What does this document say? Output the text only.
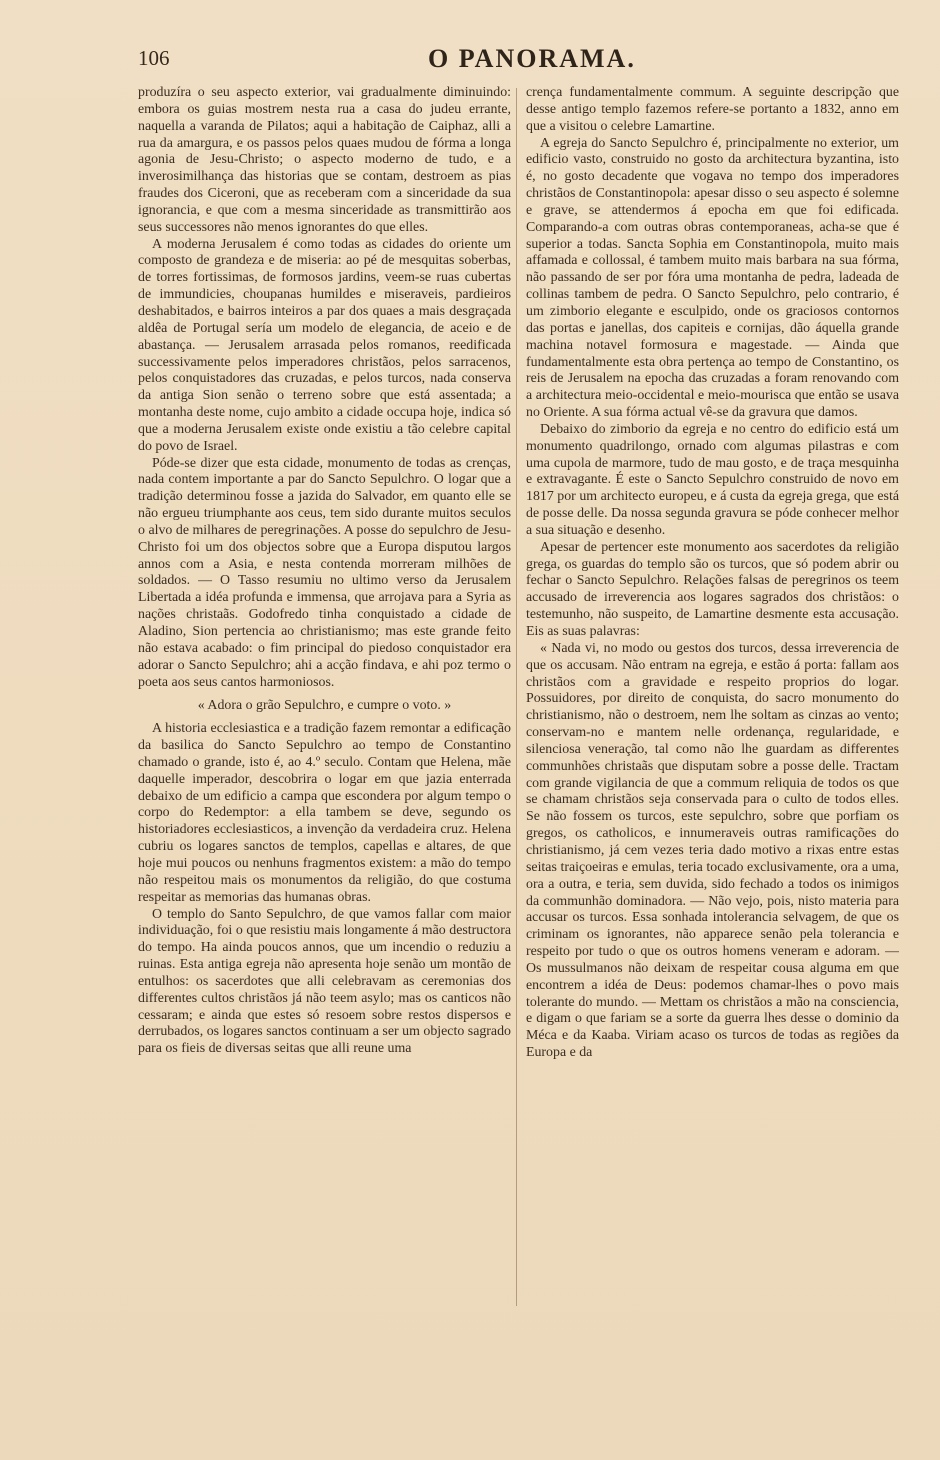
106	O PANORAMA.

produzíra o seu aspecto exterior, vai gradualmente diminuindo: embora os guias mostrem nesta rua a casa do judeu errante, naquella a varanda de Pilatos; aqui a habitação de Caiphaz, alli a rua da amargura, e os passos pelos quaes mudou de fórma a longa agonia de Jesu-Christo; o aspecto moderno de tudo, e a inverosimilhança das historias que se contam, destroem as pias fraudes dos Ciceroni, que as receberam com a sinceridade da sua ignorancia, e que com a mesma sinceridade as transmittirão aos seus successores não menos ignorantes do que elles.

A moderna Jerusalem é como todas as cidades do oriente um composto de grandeza e de miseria: ao pé de mesquitas soberbas, de torres fortissimas, de formosos jardins, veem-se ruas cubertas de immundicies, choupanas humildes e miseraveis, pardieiros deshabitados, e bairros inteiros a par dos quaes a mais desgraçada aldêa de Portugal sería um modelo de elegancia, de aceio e de abastança. — Jerusalem arrasada pelos romanos, reedificada successivamente pelos imperadores christãos, pelos sarracenos, pelos conquistadores das cruzadas, e pelos turcos, nada conserva da antiga Sion senão o terreno sobre que está assentada; a montanha deste nome, cujo ambito a cidade occupa hoje, indica só que a moderna Jerusalem existe onde existiu a tão celebre capital do povo de Israel.

Póde-se dizer que esta cidade, monumento de todas as crenças, nada contem importante a par do Sancto Sepulchro. O logar que a tradição determinou fosse a jazida do Salvador, em quanto elle se não ergueu triumphante aos ceus, tem sido durante muitos seculos o alvo de milhares de peregrinações. A posse do sepulchro de Jesu-Christo foi um dos objectos sobre que a Europa disputou largos annos com a Asia, e nesta contenda morreram milhões de soldados. — O Tasso resumiu no ultimo verso da Jerusalem Libertada a idéa profunda e immensa, que arrojava para a Syria as nações christaãs. Godofredo tinha conquistado a cidade de Aladino, Sion pertencia ao christianismo; mas este grande feito não estava acabado: o fim principal do piedoso conquistador era adorar o Sancto Sepulchro; ahi a acção findava, e ahi poz termo o poeta aos seus cantos harmoniosos.

« Adora o grão Sepulchro, e cumpre o voto. »

A historia ecclesiastica e a tradição fazem remontar a edificação da basilica do Sancto Sepulchro ao tempo de Constantino chamado o grande, isto é, ao 4.º seculo. Contam que Helena, mãe daquelle imperador, descobrira o logar em que jazia enterrada debaixo de um edificio a campa que escondera por algum tempo o corpo do Redemptor: a ella tambem se deve, segundo os historiadores ecclesiasticos, a invenção da verdadeira cruz. Helena cubriu os logares sanctos de templos, capellas e altares, de que hoje mui poucos ou nenhuns fragmentos existem: a mão do tempo não respeitou mais os monumentos da religião, do que costuma respeitar as memorias das humanas obras.

O templo do Santo Sepulchro, de que vamos fallar com maior individuação, foi o que resistiu mais longamente á mão destructora do tempo. Ha ainda poucos annos, que um incendio o reduziu a ruinas. Esta antiga egreja não apresenta hoje senão um montão de entulhos: os sacerdotes que alli celebravam as ceremonias dos differentes cultos christãos já não teem asylo; mas os canticos não cessaram; e ainda que estes só resoem sobre restos dispersos e derrubados, os logares sanctos continuam a ser um objecto sagrado para os fieis de diversas seitas que alli reune uma

crença fundamentalmente commum. A seguinte descripção que desse antigo templo fazemos refere-se portanto a 1832, anno em que a visitou o celebre Lamartine.

A egreja do Sancto Sepulchro é, principalmente no exterior, um edificio vasto, construido no gosto da architectura byzantina, isto é, no gosto decadente que vogava no tempo dos imperadores christãos de Constantinopola: apesar disso o seu aspecto é solemne e grave, se attendermos á epocha em que foi edificada. Comparando-a com outras obras contemporaneas, acha-se que é superior a todas. Sancta Sophia em Constantinopola, muito mais affamada e collossal, é tambem muito mais barbara na sua fórma, não passando de ser por fóra uma montanha de pedra, ladeada de collinas tambem de pedra. O Sancto Sepulchro, pelo contrario, é um zimborio elegante e esculpido, onde os graciosos contornos das portas e janellas, dos capiteis e cornijas, dão áquella grande machina notavel formosura e magestade. — Ainda que fundamentalmente esta obra pertença ao tempo de Constantino, os reis de Jerusalem na epocha das cruzadas a foram renovando com a architectura meio-occidental e meio-mourisca que então se usava no Oriente. A sua fórma actual vê-se da gravura que damos.

Debaixo do zimborio da egreja e no centro do edificio está um monumento quadrilongo, ornado com algumas pilastras e com uma cupola de marmore, tudo de mau gosto, e de traça mesquinha e extravagante. É este o Sancto Sepulchro construido de novo em 1817 por um architecto europeu, e á custa da egreja grega, que está de posse delle. Da nossa segunda gravura se póde conhecer melhor a sua situação e desenho.

Apesar de pertencer este monumento aos sacerdotes da religião grega, os guardas do templo são os turcos, que só podem abrir ou fechar o Sancto Sepulchro. Relações falsas de peregrinos os teem accusado de irreverencia aos logares sagrados dos christãos: o testemunho, não suspeito, de Lamartine desmente esta accusação. Eis as suas palavras:

« Nada vi, no modo ou gestos dos turcos, dessa irreverencia de que os accusam. Não entram na egreja, e estão á porta: fallam aos christãos com a gravidade e respeito proprios do logar. Possuidores, por direito de conquista, do sacro monumento do christianismo, não o destroem, nem lhe soltam as cinzas ao vento; conservam-no e mantem nelle ordenança, regularidade, e silenciosa veneração, tal como não lhe guardam as differentes communhões christaãs que disputam sobre a posse delle. Tractam com grande vigilancia de que a commum reliquia de todos os que se chamam christãos seja conservada para o culto de todos elles. Se não fossem os turcos, este sepulchro, sobre que porfiam os gregos, os catholicos, e innumeraveis outras ramificações do christianismo, já cem vezes teria dado motivo a rixas entre estas seitas traiçoeiras e emulas, teria tocado exclusivamente, ora a uma, ora a outra, e teria, sem duvida, sido fechado a todos os inimigos da communhão dominadora. — Não vejo, pois, nisto materia para accusar os turcos. Essa sonhada intolerancia selvagem, de que os criminam os ignorantes, não apparece senão pela tolerancia e respeito por tudo o que os outros homens veneram e adoram. — Os mussulmanos não deixam de respeitar cousa alguma em que encontrem a idéa de Deus: podemos chamar-lhes o povo mais tolerante do mundo. — Mettam os christãos a mão na consciencia, e digam o que fariam se a sorte da guerra lhes desse o dominio da Méca e da Kaaba. Viriam acaso os turcos de todas as regiões da Europa e da
